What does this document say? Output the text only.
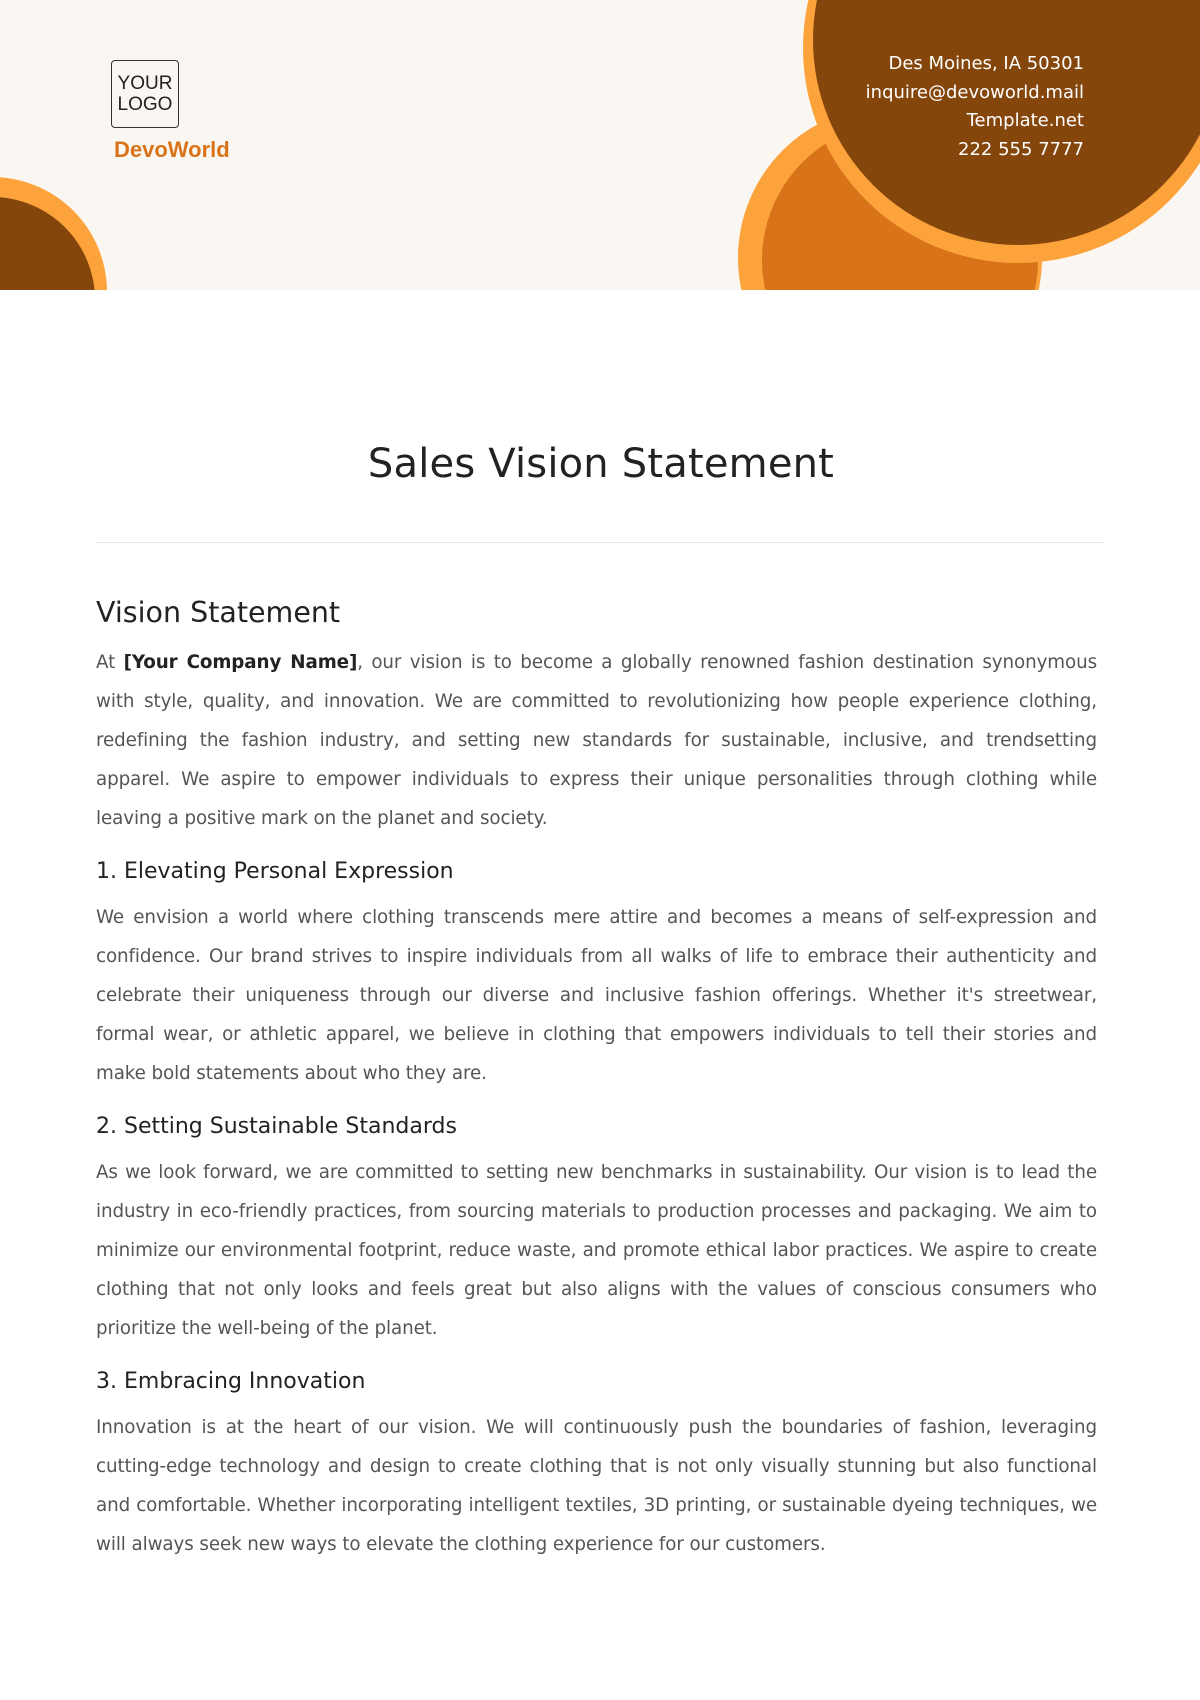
YOUR
LOGO
DevoWorld
Des Moines, IA 50301
inquire@devoworld.mail
Template.net
222 555 7777
Sales Vision Statement
Vision Statement

At [Your Company Name], our vision is to become a globally renowned fashion destination synonymous with style, quality, and innovation. We are committed to revolutionizing how people experience clothing, redefining the fashion industry, and setting new standards for sustainable, inclusive, and trendsetting apparel. We aspire to empower individuals to express their unique personalities through clothing while leaving a positive mark on the planet and society.

1. Elevating Personal Expression

We envision a world where clothing transcends mere attire and becomes a means of self-expression and confidence. Our brand strives to inspire individuals from all walks of life to embrace their authenticity and celebrate their uniqueness through our diverse and inclusive fashion offerings. Whether it's streetwear, formal wear, or athletic apparel, we believe in clothing that empowers individuals to tell their stories and make bold statements about who they are.

2. Setting Sustainable Standards

As we look forward, we are committed to setting new benchmarks in sustainability. Our vision is to lead the industry in eco-friendly practices, from sourcing materials to production processes and packaging. We aim to minimize our environmental footprint, reduce waste, and promote ethical labor practices. We aspire to create clothing that not only looks and feels great but also aligns with the values of conscious consumers who prioritize the well-being of the planet.

3. Embracing Innovation

Innovation is at the heart of our vision. We will continuously push the boundaries of fashion, leveraging cutting-edge technology and design to create clothing that is not only visually stunning but also functional and comfortable. Whether incorporating intelligent textiles, 3D printing, or sustainable dyeing techniques, we will always seek new ways to elevate the clothing experience for our customers.
